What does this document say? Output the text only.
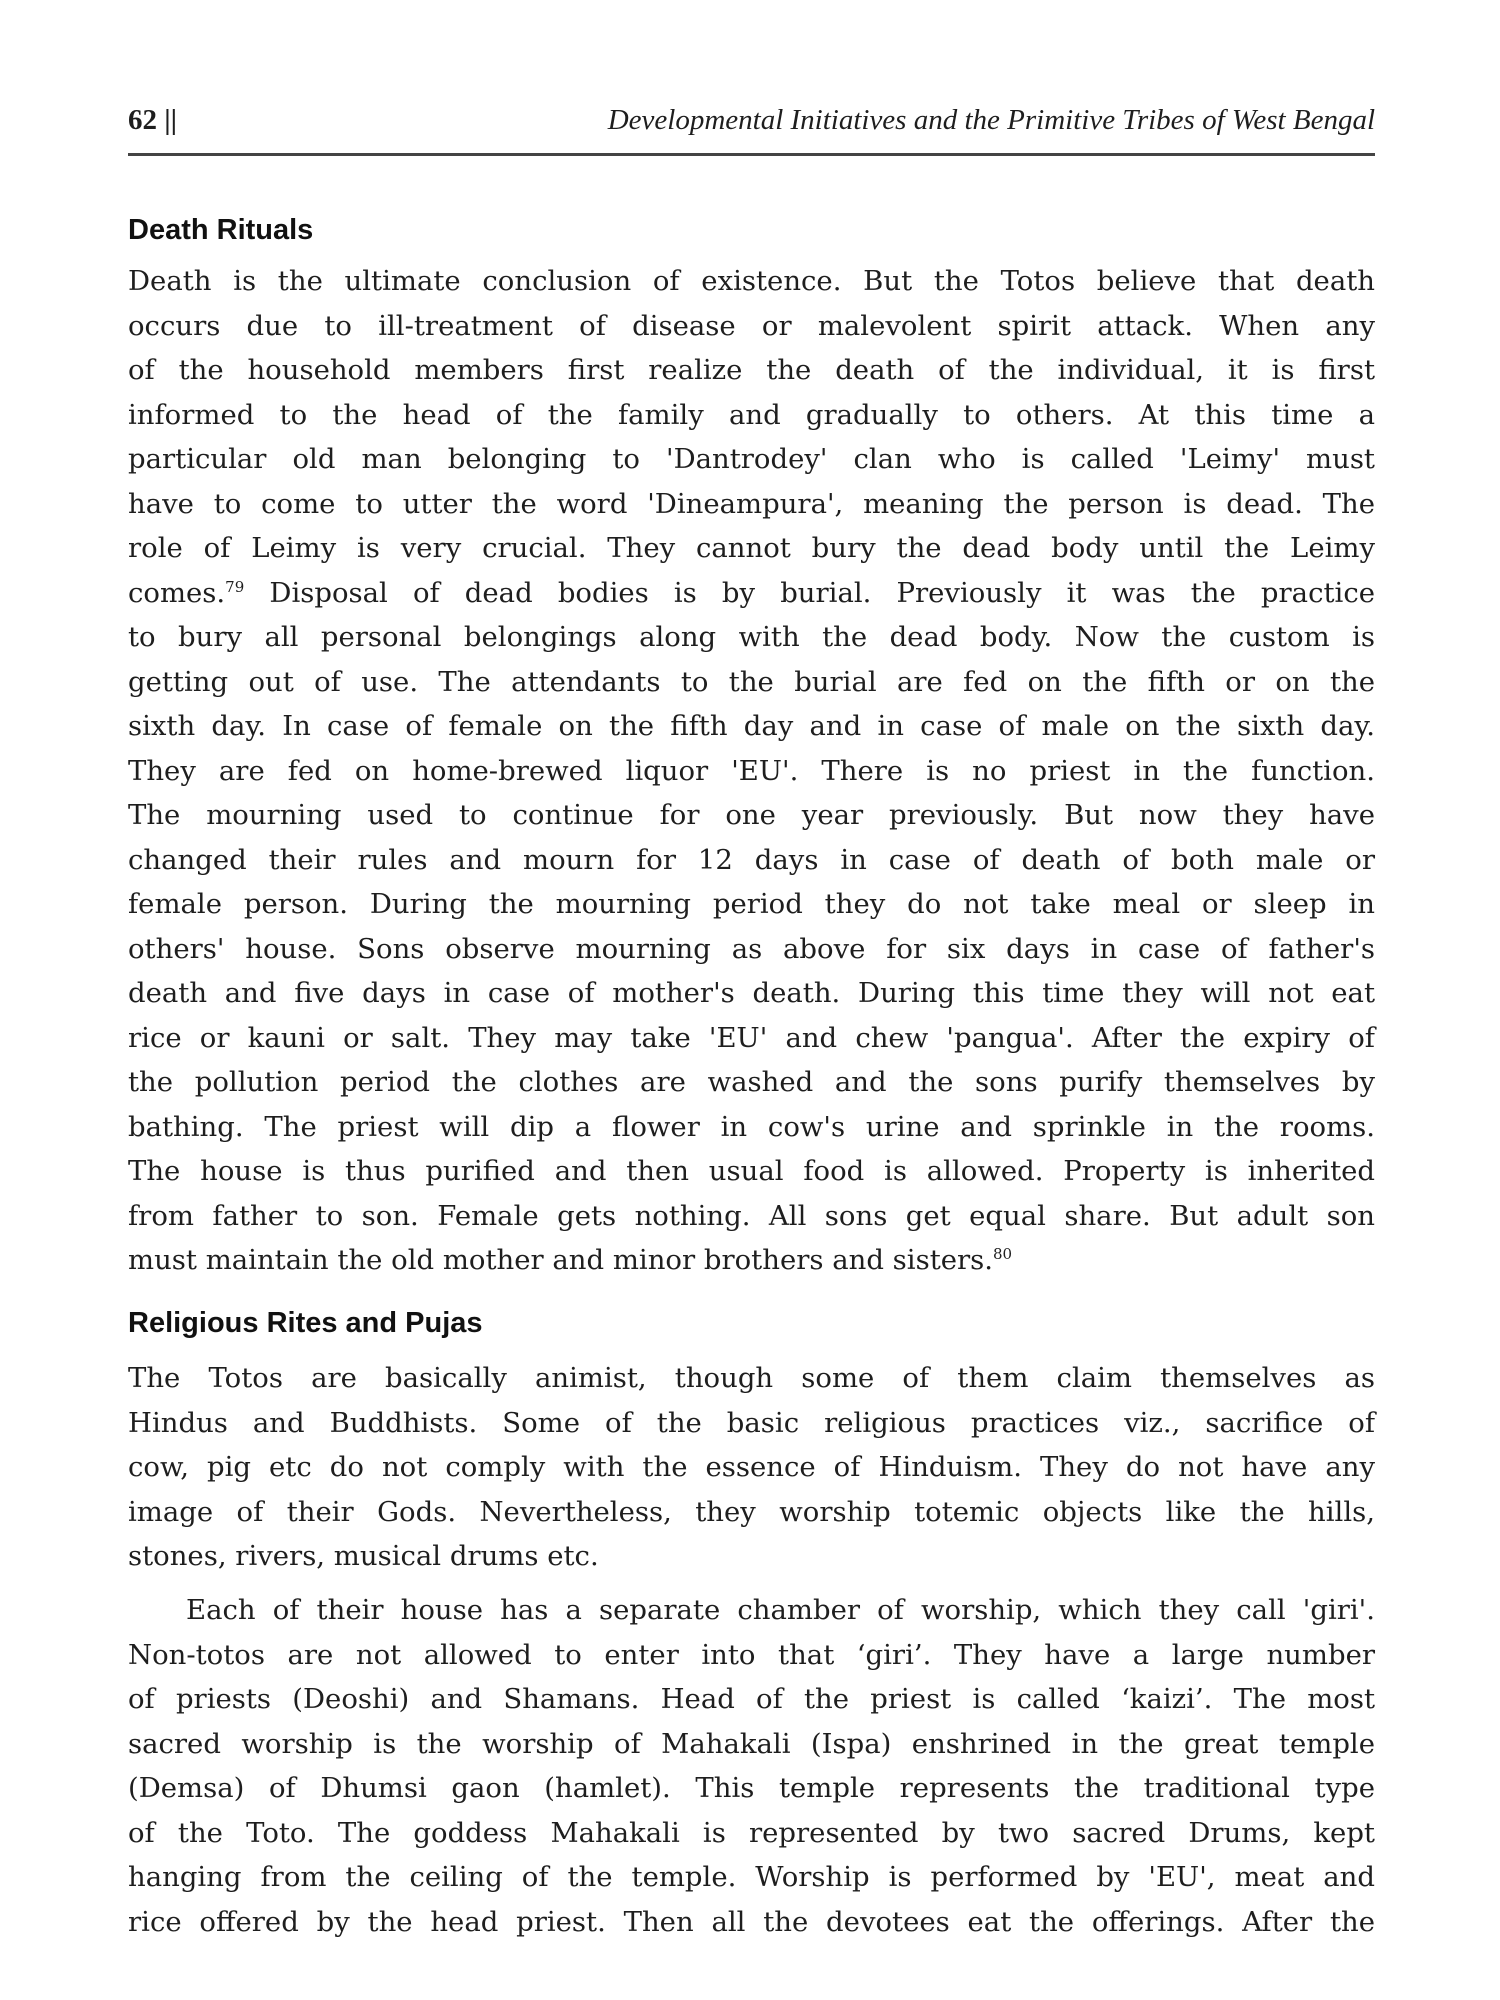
62 ||	Developmental Initiatives and the Primitive Tribes of West Bengal
Death Rituals
Death is the ultimate conclusion of existence. But the Totos believe that death
occurs due to ill-treatment of disease or malevolent spirit attack. When any
of the household members first realize the death of the individual, it is first
informed to the head of the family and gradually to others. At this time a
particular old man belonging to 'Dantrodey' clan who is called 'Leimy' must
have to come to utter the word 'Dineampura', meaning the person is dead. The
role of Leimy is very crucial. They cannot bury the dead body until the Leimy
comes.$^{79}$ Disposal of dead bodies is by burial. Previously it was the practice
to bury all personal belongings along with the dead body. Now the custom is
getting out of use. The attendants to the burial are fed on the fifth or on the
sixth day. In case of female on the fifth day and in case of male on the sixth day.
They are fed on home-brewed liquor 'EU'. There is no priest in the function.
The mourning used to continue for one year previously. But now they have
changed their rules and mourn for 12 days in case of death of both male or
female person. During the mourning period they do not take meal or sleep in
others' house. Sons observe mourning as above for six days in case of father's
death and five days in case of mother's death. During this time they will not eat
rice or kauni or salt. They may take 'EU' and chew 'pangua'. After the expiry of
the pollution period the clothes are washed and the sons purify themselves by
bathing. The priest will dip a flower in cow's urine and sprinkle in the rooms.
The house is thus purified and then usual food is allowed. Property is inherited
from father to son. Female gets nothing. All sons get equal share. But adult son
must maintain the old mother and minor brothers and sisters.$^{80}$
Religious Rites and Pujas
The Totos are basically animist, though some of them claim themselves as
Hindus and Buddhists. Some of the basic religious practices viz., sacrifice of
cow, pig etc do not comply with the essence of Hinduism. They do not have any
image of their Gods. Nevertheless, they worship totemic objects like the hills,
stones, rivers, musical drums etc.
Each of their house has a separate chamber of worship, which they call 'giri'.
Non-totos are not allowed to enter into that ‘giri’. They have a large number
of priests (Deoshi) and Shamans. Head of the priest is called ‘kaizi’. The most
sacred worship is the worship of Mahakali (Ispa) enshrined in the great temple
(Demsa) of Dhumsi gaon (hamlet). This temple represents the traditional type
of the Toto. The goddess Mahakali is represented by two sacred Drums, kept
hanging from the ceiling of the temple. Worship is performed by 'EU', meat and
rice offered by the head priest. Then all the devotees eat the offerings. After the
